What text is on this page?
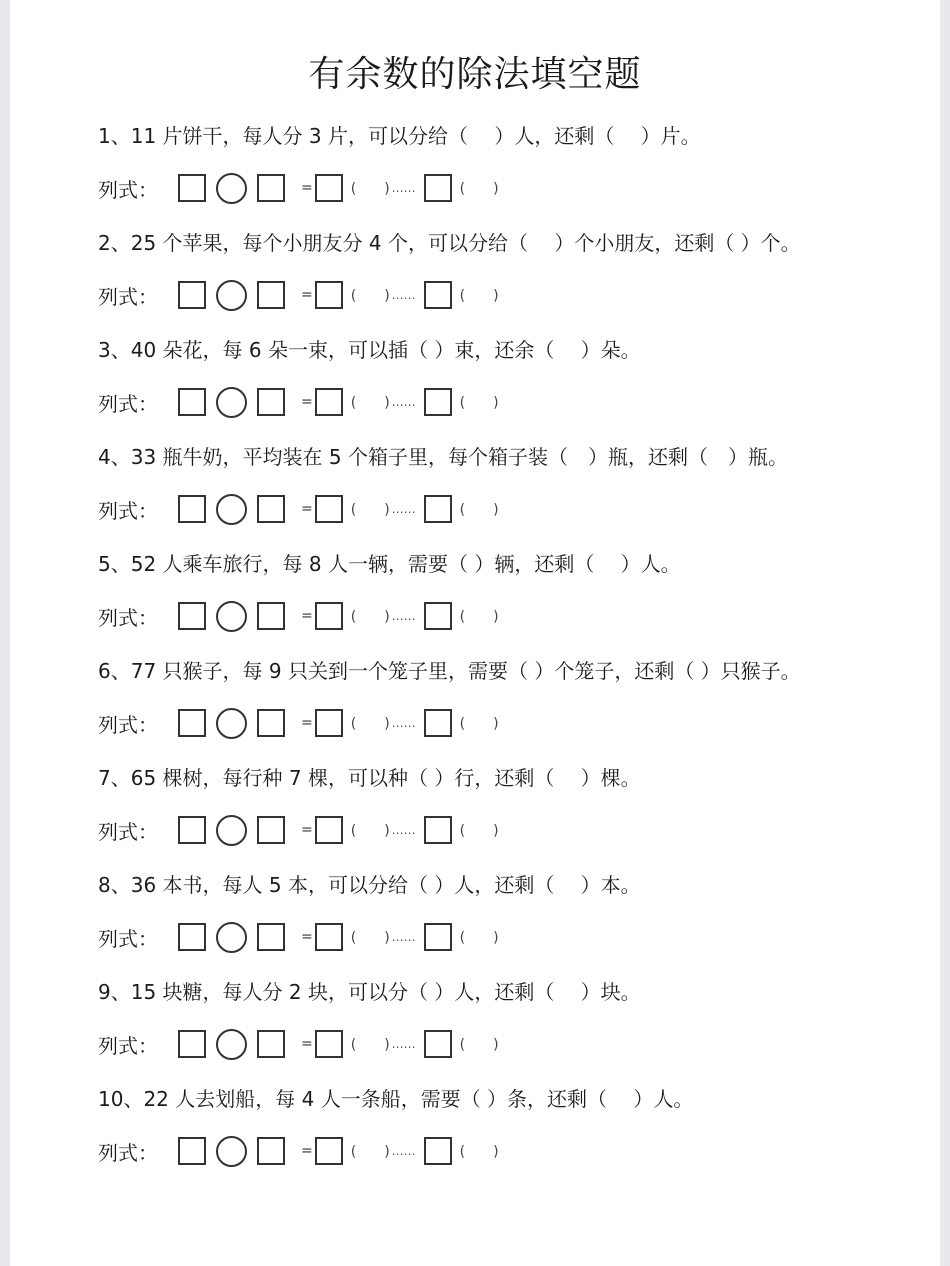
有余数的除法填空题
1、11 片饼干，每人分 3 片，可以分给（　 ）人，还剩（　 ）片。
列式：	=	(　　) ……	(　　)
2、25 个苹果，每个小朋友分 4 个，可以分给（　 ）个小朋友，还剩（ ）个。
列式：	=	(　　) ……	(　　)
3、40 朵花，每 6 朵一束，可以插（ ）束，还余（　 ）朵。
列式：	=	(　　) ……	(　　)
4、33 瓶牛奶，平均装在 5 个箱子里，每个箱子装（　）瓶，还剩（　）瓶。
列式：	=	(　　) ……	(　　)
5、52 人乘车旅行，每 8 人一辆，需要（ ）辆，还剩（　 ）人。
列式：	=	(　　) ……	(　　)
6、77 只猴子，每 9 只关到一个笼子里，需要（ ）个笼子，还剩（ ）只猴子。
列式：	=	(　　) ……	(　　)
7、65 棵树，每行种 7 棵，可以种（ ）行，还剩（　 ）棵。
列式：	=	(　　) ……	(　　)
8、36 本书，每人 5 本，可以分给（ ）人，还剩（　 ）本。
列式：	=	(　　) ……	(　　)
9、15 块糖，每人分 2 块，可以分（ ）人，还剩（　 ）块。
列式：	=	(　　) ……	(　　)
10、22 人去划船，每 4 人一条船，需要（ ）条，还剩（　 ）人。
列式：	=	(　　) ……	(　　)
